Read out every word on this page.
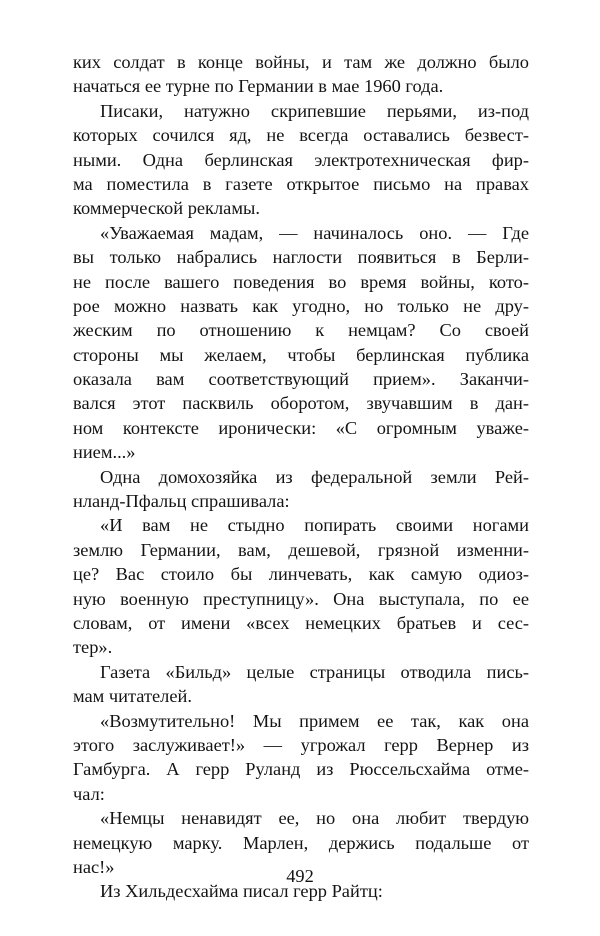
ких солдат в конце войны, и там же должно было
начаться ее турне по Германии в мае 1960 года.
Писаки, натужно скрипевшие перьями, из-под
которых сочился яд, не всегда оставались безвест-
ными. Одна берлинская электротехническая фир-
ма поместила в газете открытое письмо на правах
коммерческой рекламы.
«Уважаемая мадам, — начиналось оно. — Где
вы только набрались наглости появиться в Берли-
не после вашего поведения во время войны, кото-
рое можно назвать как угодно, но только не дру-
жеским по отношению к немцам? Со своей
стороны мы желаем, чтобы берлинская публика
оказала вам соответствующий прием». Заканчи-
вался этот пасквиль оборотом, звучавшим в дан-
ном контексте иронически: «С огромным уваже-
нием...»
Одна домохозяйка из федеральной земли Рей-
нланд-Пфальц спрашивала:
«И вам не стыдно попирать своими ногами
землю Германии, вам, дешевой, грязной изменни-
це? Вас стоило бы линчевать, как самую одиоз-
ную военную преступницу». Она выступала, по ее
словам, от имени «всех немецких братьев и сес-
тер».
Газета «Бильд» целые страницы отводила пись-
мам читателей.
«Возмутительно! Мы примем ее так, как она
этого заслуживает!» — угрожал герр Вернер из
Гамбурга. А герр Руланд из Рюссельсхайма отме-
чал:
«Немцы ненавидят ее, но она любит твердую
немецкую марку. Марлен, держись подальше от
нас!»
Из Хильдесхайма писал герр Райтц:
492
